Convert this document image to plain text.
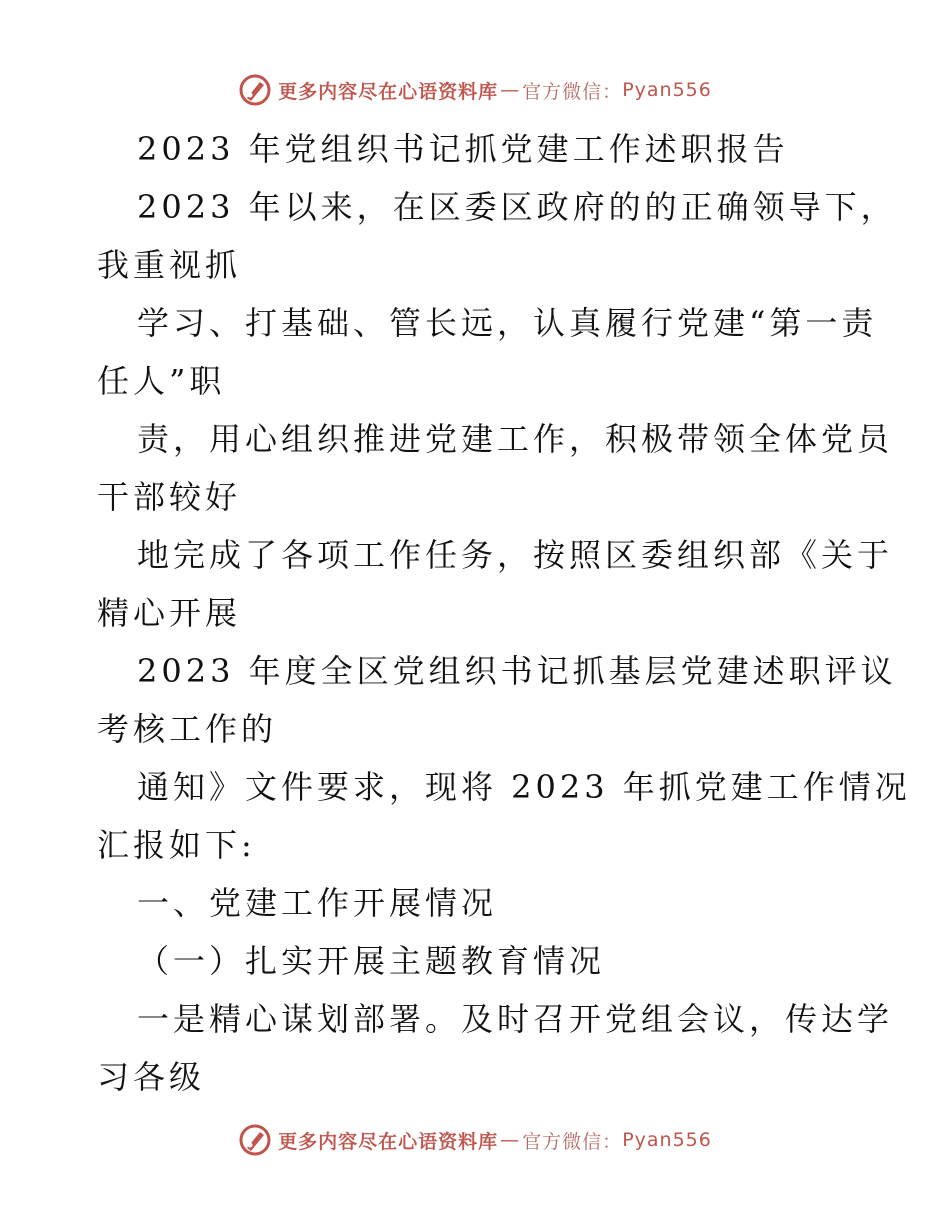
更多内容尽在心语资料库 — 官方微信： Pyan556
2023 年党组织书记抓党建工作述职报告
2023 年以来，在区委区政府的的正确领导下，
我重视抓
学习、打基础、管长远，认真履行党建“第一责
任人”职
责，用心组织推进党建工作，积极带领全体党员
干部较好
地完成了各项工作任务，按照区委组织部《关于
精心开展
2023 年度全区党组织书记抓基层党建述职评议
考核工作的
通知》文件要求，现将 2023 年抓党建工作情况
汇报如下:
一、党建工作开展情况
（一）扎实开展主题教育情况
一是精心谋划部署。及时召开党组会议，传达学
习各级
更多内容尽在心语资料库 — 官方微信： Pyan556
